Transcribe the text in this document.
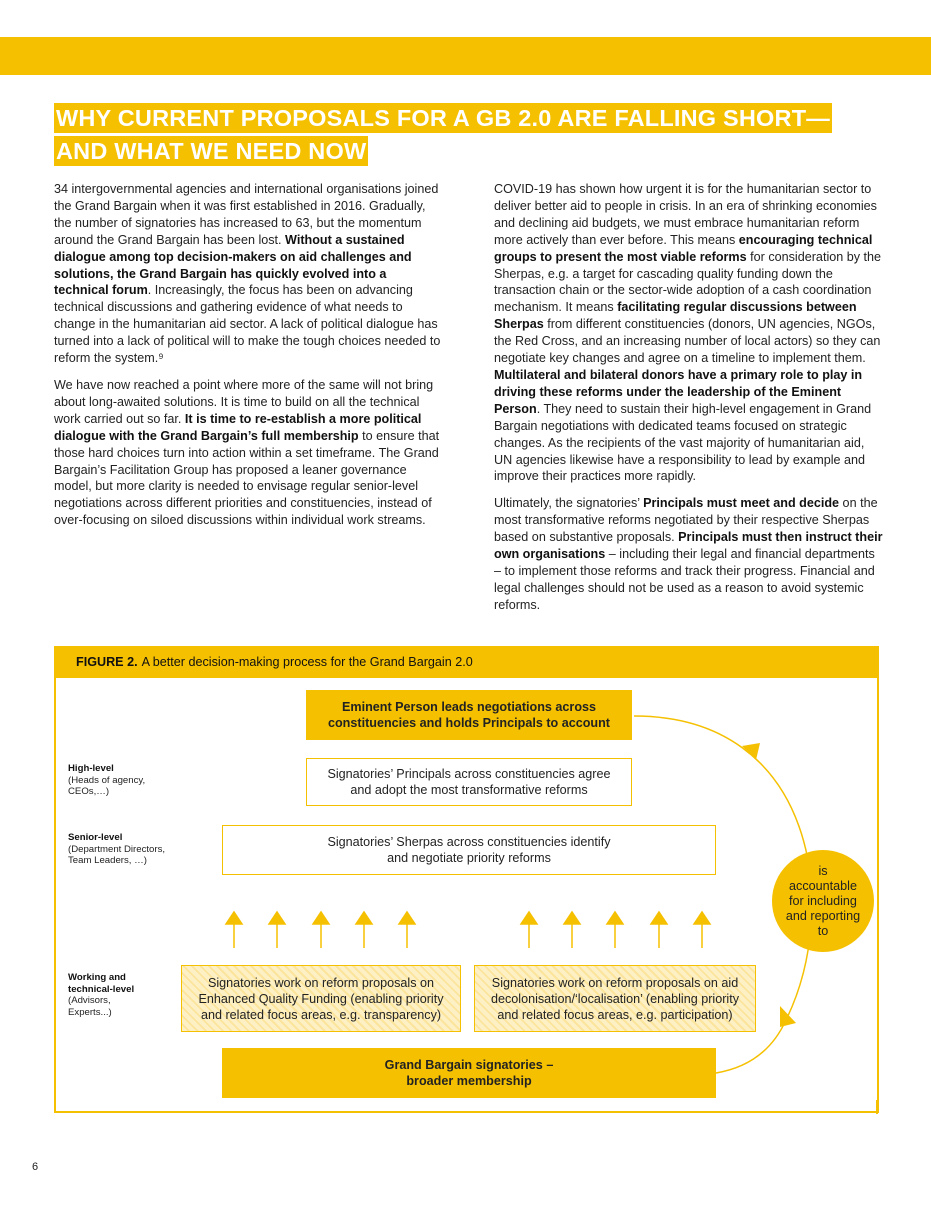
WHY CURRENT PROPOSALS FOR A GB 2.0 ARE FALLING SHORT—
AND WHAT WE NEED NOW

34 intergovernmental agencies and international organisations joined the Grand Bargain when it was first established in 2016. Gradually, the number of signatories has increased to 63, but the momentum around the Grand Bargain has been lost. Without a sustained dialogue among top decision-makers on aid challenges and solutions, the Grand Bargain has quickly evolved into a technical forum. Increasingly, the focus has been on advancing technical discussions and gathering evidence of what needs to change in the humanitarian aid sector. A lack of political dialogue has turned into a lack of political will to make the tough choices needed to reform the system.⁹

We have now reached a point where more of the same will not bring about long-awaited solutions. It is time to build on all the technical work carried out so far. It is time to re-establish a more political dialogue with the Grand Bargain’s full membership to ensure that those hard choices turn into action within a set timeframe. The Grand Bargain’s Facilitation Group has proposed a leaner governance model, but more clarity is needed to envisage regular senior-level negotiations across different priorities and constituencies, instead of over-focusing on siloed discussions within individual work streams.

COVID-19 has shown how urgent it is for the humanitarian sector to deliver better aid to people in crisis. In an era of shrinking economies and declining aid budgets, we must embrace humanitarian reform more actively than ever before. This means encouraging technical groups to present the most viable reforms for consideration by the Sherpas, e.g. a target for cascading quality funding down the transaction chain or the sector-wide adoption of a cash coordination mechanism. It means facilitating regular discussions between Sherpas from different constituencies (donors, UN agencies, NGOs, the Red Cross, and an increasing number of local actors) so they can negotiate key changes and agree on a timeline to implement them. Multilateral and bilateral donors have a primary role to play in driving these reforms under the leadership of the Eminent Person. They need to sustain their high-level engagement in Grand Bargain negotiations with dedicated teams focused on strategic changes. As the recipients of the vast majority of humanitarian aid, UN agencies likewise have a responsibility to lead by example and improve their practices more rapidly.

Ultimately, the signatories’ Principals must meet and decide on the most transformative reforms negotiated by their respective Sherpas based on substantive proposals. Principals must then instruct their own organisations – including their legal and financial departments – to implement those reforms and track their progress. Financial and legal challenges should not be used as a reason to avoid systemic reforms.

FIGURE 2. A better decision-making process for the Grand Bargain 2.0
High-level
(Heads of agency, CEOs,…)
Senior-level
(Department Directors, Team Leaders, …)
Working and technical-level
(Advisors, Experts...)
Eminent Person leads negotiations across constituencies and holds Principals to account
Signatories’ Principals across constituencies agree and adopt the most transformative reforms
Signatories’ Sherpas across constituencies identify and negotiate priority reforms
Signatories work on reform proposals on Enhanced Quality Funding (enabling priority and related focus areas, e.g. transparency)
Signatories work on reform proposals on aid decolonisation/‘localisation’ (enabling priority and related focus areas, e.g. participation)
Grand Bargain signatories – broader membership
is accountable for including and reporting to
6
